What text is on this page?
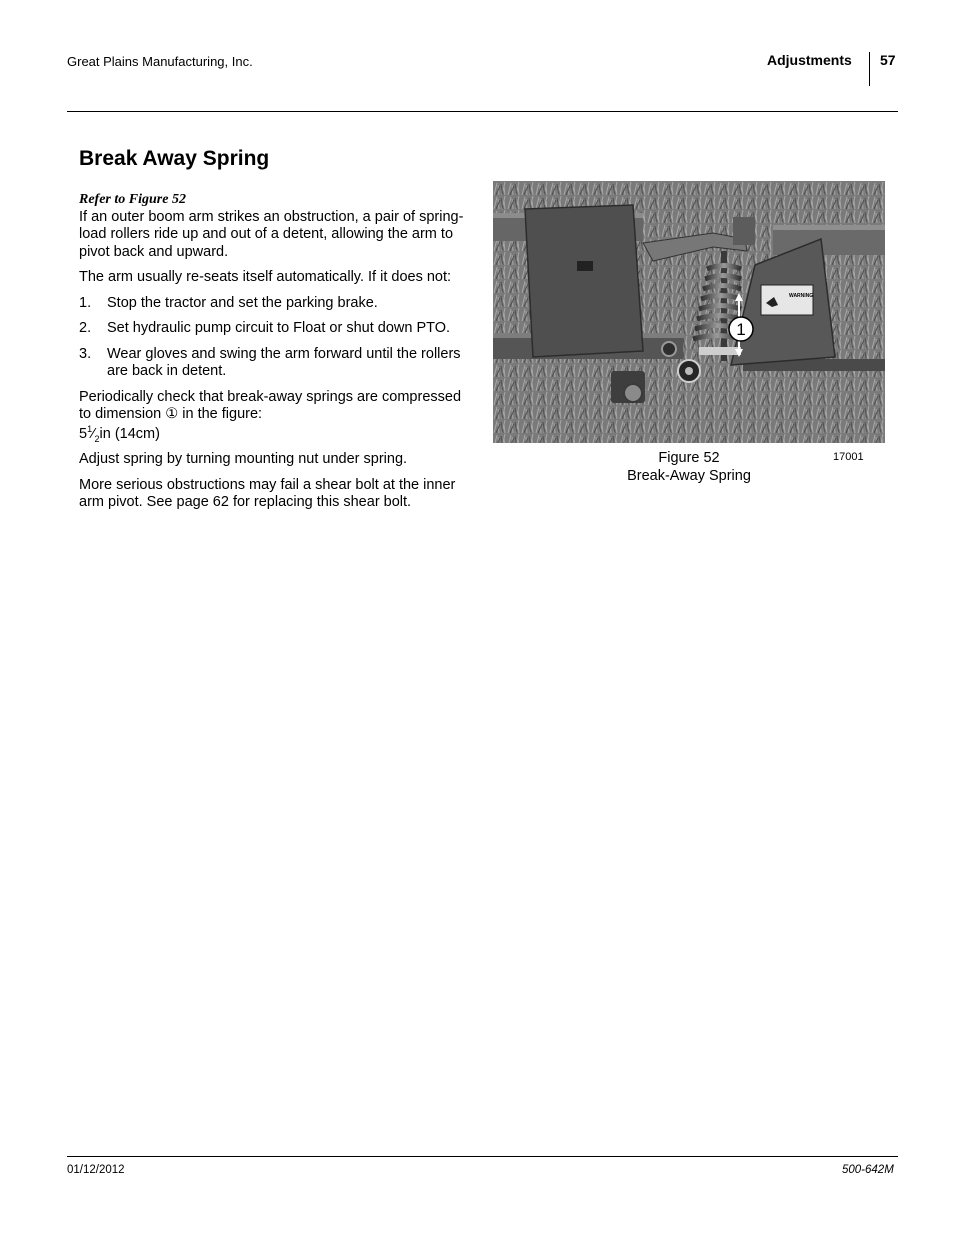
Great Plains Manufacturing, Inc.	Adjustments 57
Break Away Spring

Refer to Figure 52

If an outer boom arm strikes an obstruction, a pair of spring-load rollers ride up and out of a detent, allowing the arm to pivot back and upward.

The arm usually re-seats itself automatically. If it does not:

1.	Stop the tractor and set the parking brake.
2.	Set hydraulic pump circuit to Float or shut down PTO.
3.	Wear gloves and swing the arm forward until the rollers are back in detent.

Periodically check that break-away springs are compressed to dimension ① in the figure:

$5^1⁄_2in$ (14cm)

Adjust spring by turning mounting nut under spring.

More serious obstructions may fail a shear bolt at the inner arm pivot. See page 62 for replacing this shear bolt.

WARNING
1
Figure 52
Break-Away Spring
17001
01/12/2012	500-642M
